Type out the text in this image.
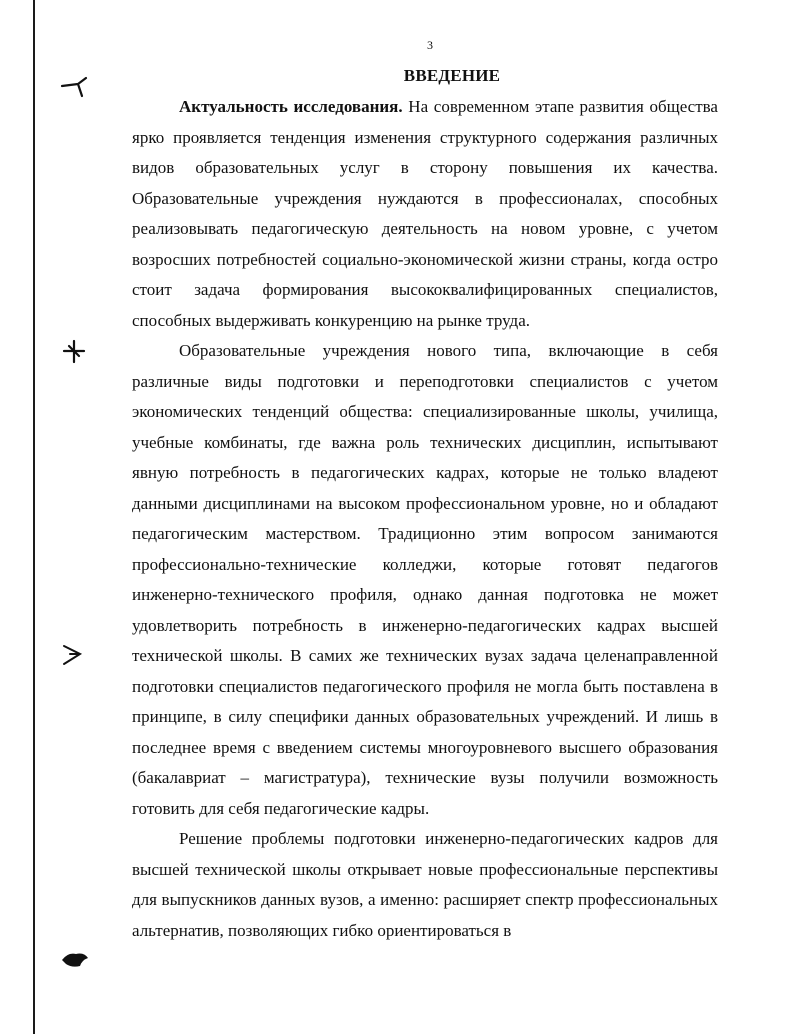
3
ВВЕДЕНИЕ

Актуальность исследования. На современном этапе развития общества ярко проявляется тенденция изменения структурного содержания различных видов образовательных услуг в сторону повышения их качества. Образовательные учреждения нуждаются в профессионалах, способных реализовывать педагогическую деятельность на новом уровне, с учетом возросших потребностей социально-экономической жизни страны, когда остро стоит задача формирования высококвалифицированных специалистов, способных выдерживать конкуренцию на рынке труда.

Образовательные учреждения нового типа, включающие в себя различные виды подготовки и переподготовки специалистов с учетом экономических тенденций общества: специализированные школы, училища, учебные комбинаты, где важна роль технических дисциплин, испытывают явную потребность в педагогических кадрах, которые не только владеют данными дисциплинами на высоком профессиональном уровне, но и обладают педагогическим мастерством. Традиционно этим вопросом занимаются профессионально-технические колледжи, которые готовят педагогов инженерно-технического профиля, однако данная подготовка не может удовлетворить потребность в инженерно-педагогических кадрах высшей технической школы. В самих же технических вузах задача целенаправленной подготовки специалистов педагогического профиля не могла быть поставлена в принципе, в силу специфики данных образовательных учреждений. И лишь в последнее время с введением системы многоуровневого высшего образования (бакалавриат – магистратура), технические вузы получили возможность готовить для себя педагогические кадры.

Решение проблемы подготовки инженерно-педагогических кадров для высшей технической школы открывает новые профессиональные перспективы для выпускников данных вузов, а именно: расширяет спектр профессиональных альтернатив, позволяющих гибко ориентироваться в
